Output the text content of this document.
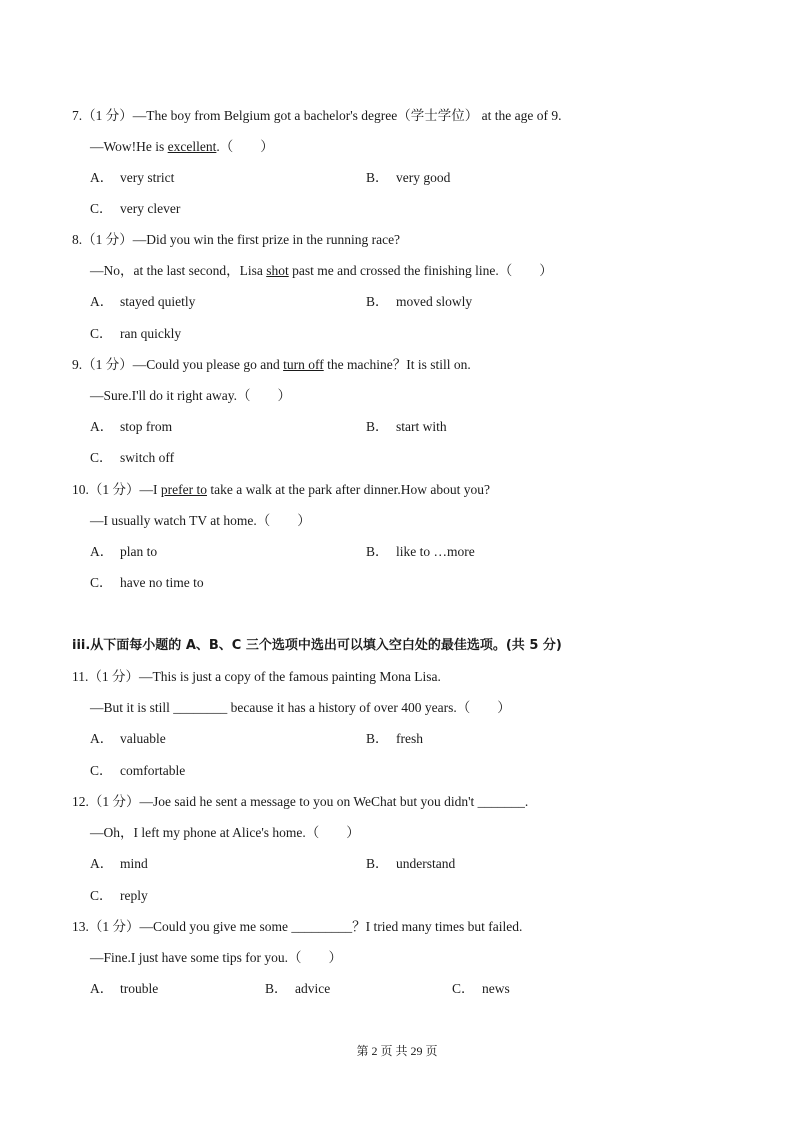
7.（1 分）—The boy from Belgium got a bachelor's degree（学士学位） at the age of 9.
—Wow!He is excellent.（　　）
A． very strict	B． very good
C． very clever
8.（1 分）—Did you win the first prize in the running race?
—No，at the last second，Lisa shot past me and crossed the finishing line.（　　）
A． stayed quietly	B． moved slowly
C． ran quickly
9.（1 分）—Could you please go and turn off the machine？It is still on.
—Sure.I'll do it right away.（　　）
A． stop from	B． start with
C． switch off
10.（1 分）—I prefer to take a walk at the park after dinner.How about you?
—I usually watch TV at home.（　　）
A． plan to	B． like to …more
C． have no time to
iii.从下面每小题的 A、B、C 三个选项中选出可以填入空白处的最佳选项。(共 5 分)
11.（1 分）—This is just a copy of the famous painting Mona Lisa.
—But it is still ________ because it has a history of over 400 years.（　　）
A． valuable	B． fresh
C． comfortable
12.（1 分）—Joe said he sent a message to you on WeChat but you didn't _______.
—Oh，I left my phone at Alice's home.（　　）
A． mind	B． understand
C． reply
13.（1 分）—Could you give me some _________？I tried many times but failed.
—Fine.I just have some tips for you.（　　）
A． trouble	B． advice	C． news
第 2 页 共 29 页
